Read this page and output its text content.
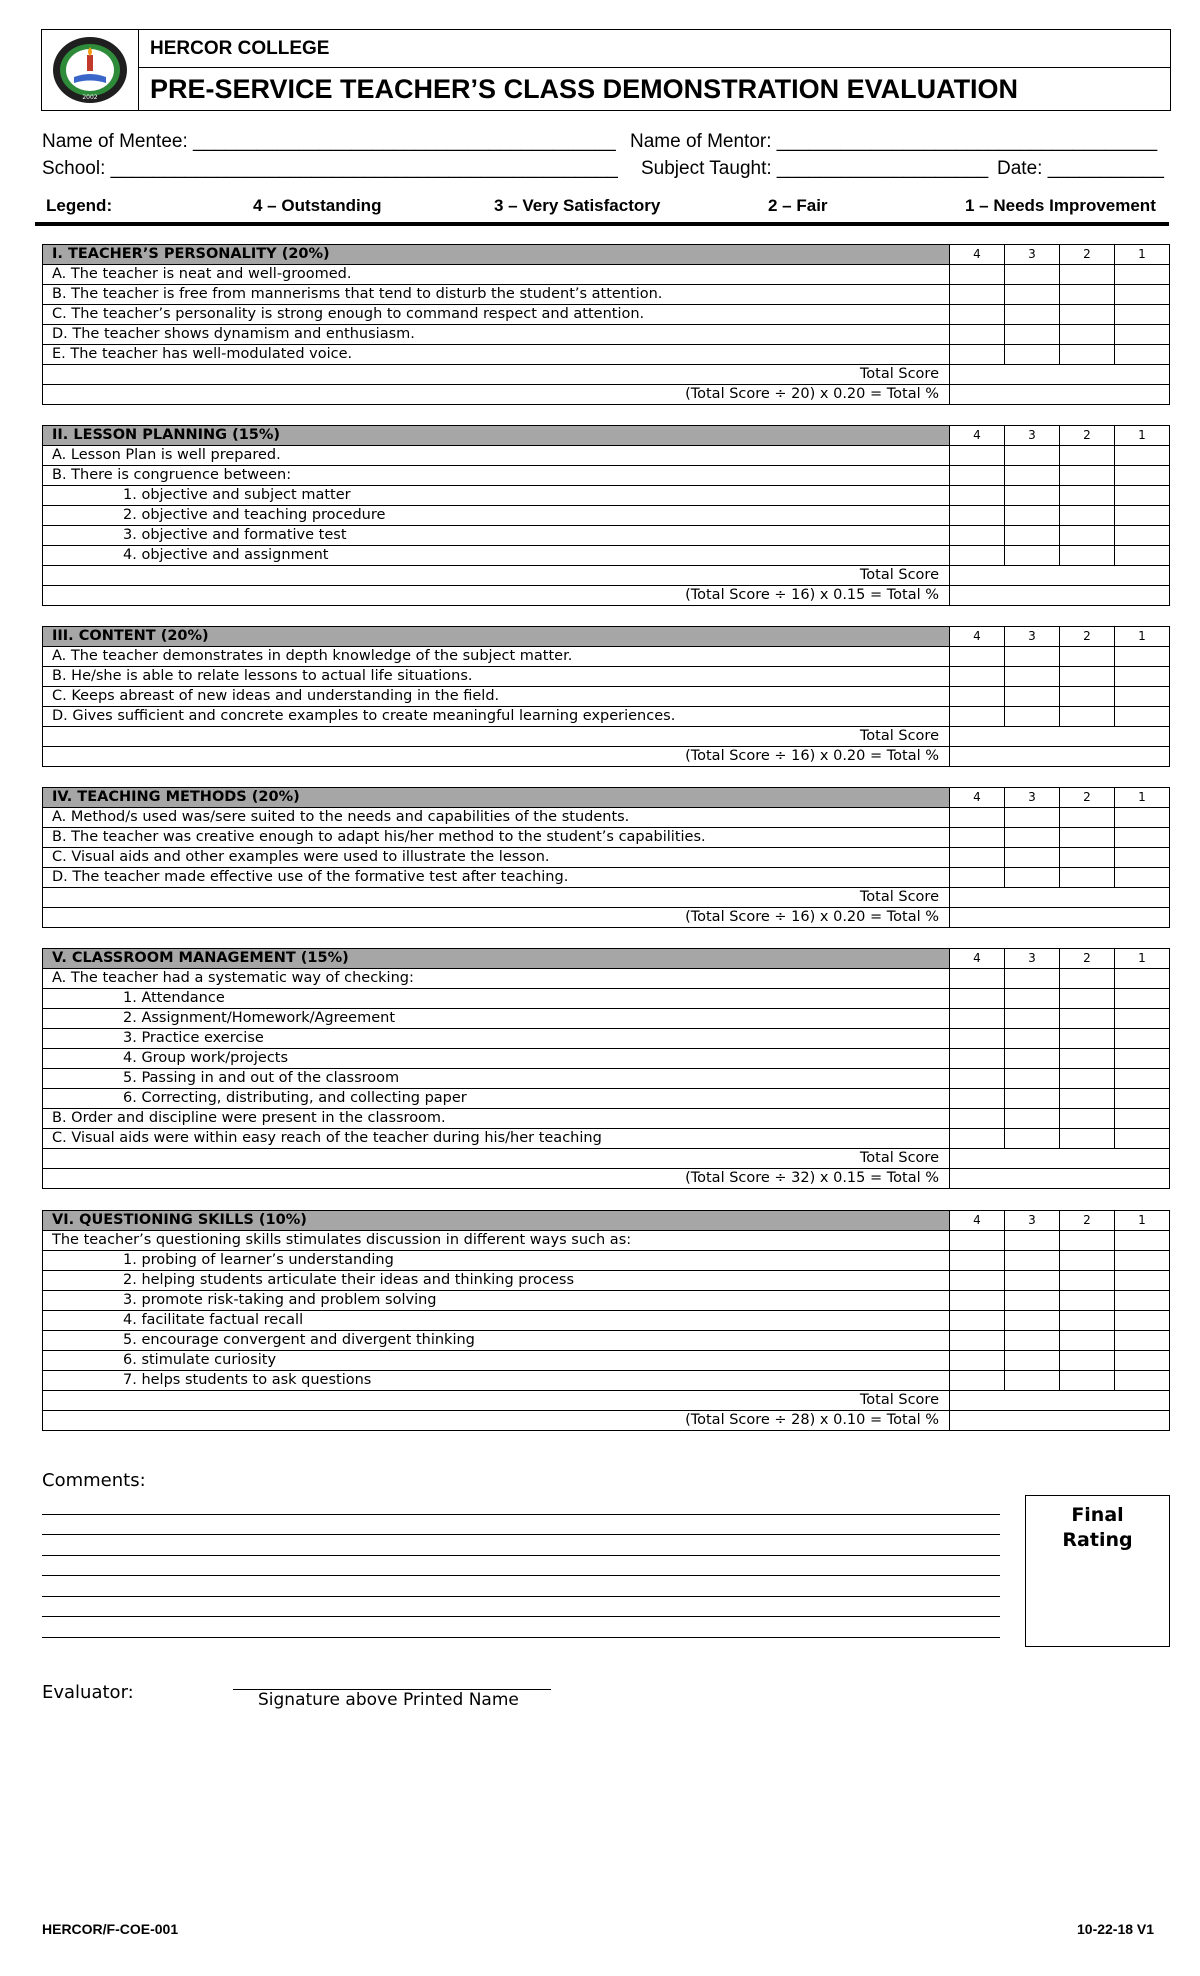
2002
HERCOR COLLEGE
PRE-SERVICE TEACHER’S CLASS DEMONSTRATION EVALUATION
Name of Mentee: ________________________________________ Name of Mentor: ____________________________________
School: ________________________________________________ Subject Taught: ____________________ Date: ___________
Legend:	4 – Outstanding	3 – Very Satisfactory	2 – Fair	1 – Needs Improvement
I. TEACHER’S PERSONALITY (20%)	4	3	2	1
A. The teacher is neat and well-groomed.				
B. The teacher is free from mannerisms that tend to disturb the student’s attention.				
C. The teacher’s personality is strong enough to command respect and attention.				
D. The teacher shows dynamism and enthusiasm.				
E. The teacher has well-modulated voice.				
Total Score				
(Total Score ÷ 20) x 0.20 = Total %				
II. LESSON PLANNING (15%)	4	3	2	1
A. Lesson Plan is well prepared.				
B. There is congruence between:				
1. objective and subject matter				
2. objective and teaching procedure				
3. objective and formative test				
4. objective and assignment				
Total Score				
(Total Score ÷ 16) x 0.15 = Total %				
III. CONTENT (20%)	4	3	2	1
A. The teacher demonstrates in depth knowledge of the subject matter.				
B. He/she is able to relate lessons to actual life situations.				
C. Keeps abreast of new ideas and understanding in the field.				
D. Gives sufficient and concrete examples to create meaningful learning experiences.				
Total Score				
(Total Score ÷ 16) x 0.20 = Total %				
IV. TEACHING METHODS (20%)	4	3	2	1
A. Method/s used was/sere suited to the needs and capabilities of the students.				
B. The teacher was creative enough to adapt his/her method to the student’s capabilities.				
C. Visual aids and other examples were used to illustrate the lesson.				
D. The teacher made effective use of the formative test after teaching.				
Total Score				
(Total Score ÷ 16) x 0.20 = Total %				
V. CLASSROOM MANAGEMENT (15%)	4	3	2	1
A. The teacher had a systematic way of checking:				
1. Attendance				
2. Assignment/Homework/Agreement				
3. Practice exercise				
4. Group work/projects				
5. Passing in and out of the classroom				
6. Correcting, distributing, and collecting paper				
B. Order and discipline were present in the classroom.				
C. Visual aids were within easy reach of the teacher during his/her teaching				
Total Score				
(Total Score ÷ 32) x 0.15 = Total %				
VI. QUESTIONING SKILLS (10%)	4	3	2	1
The teacher’s questioning skills stimulates discussion in different ways such as:				
1. probing of learner’s understanding				
2. helping students articulate their ideas and thinking process				
3. promote risk-taking and problem solving				
4. facilitate factual recall				
5. encourage convergent and divergent thinking				
6. stimulate curiosity				
7. helps students to ask questions				
Total Score				
(Total Score ÷ 28) x 0.10 = Total %				
Comments:
Final
Rating
Evaluator:	Signature above Printed Name
HERCOR/F-COE-001	10-22-18 V1
